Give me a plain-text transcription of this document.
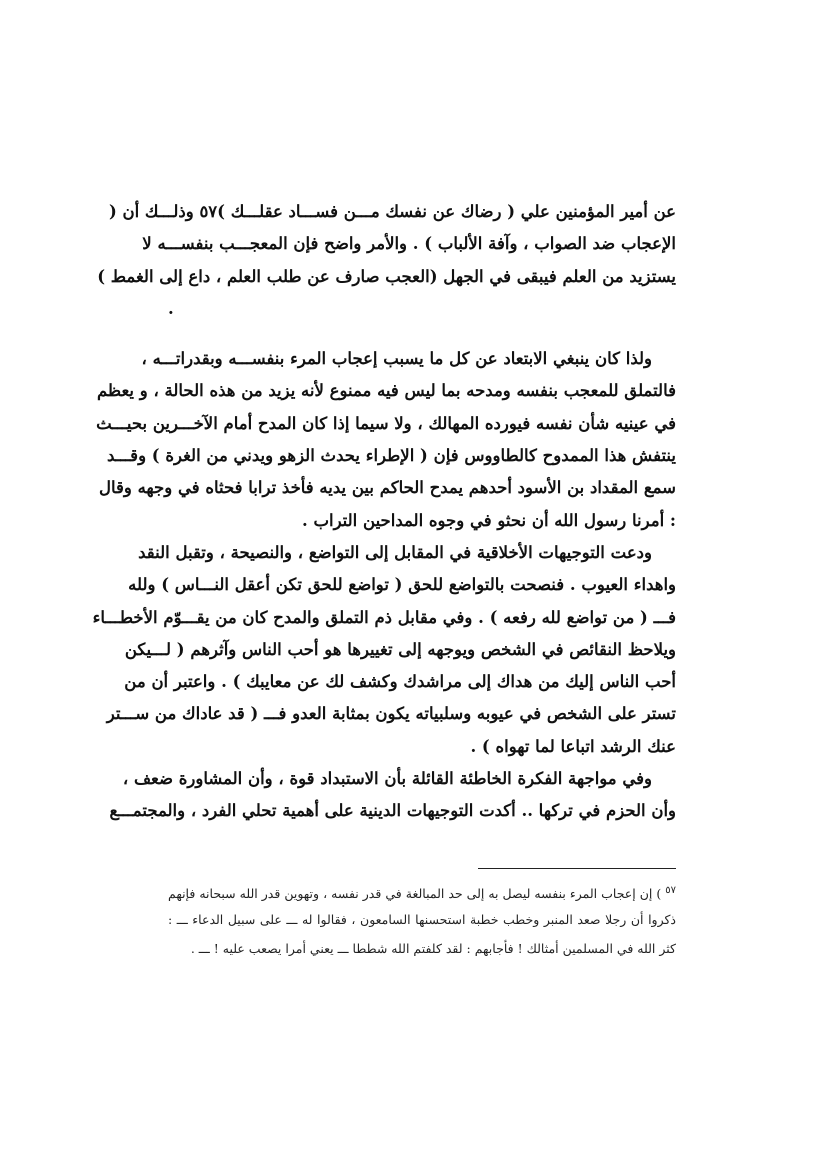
عن أمير المؤمنين علي ( رضاك عن نفسك مـــن فســـاد عقلـــك )٥٧ وذلـــك أن (
الإعجاب ضد الصواب ، وآفة الألباب ) . والأمر واضح فإن المعجـــب بنفســـه لا
يستزيد من العلم فيبقى في الجهل (العجب صارف عن طلب العلم ، داع إلى الغمط )
.
ولذا كان ينبغي الابتعاد عن كل ما يسبب إعجاب المرء بنفســـه وبقدراتـــه ،
فالتملق للمعجب بنفسه ومدحه بما ليس فيه ممنوع لأنه يزيد من هذه الحالة ، و يعظم
في عينيه شأن نفسه فيورده المهالك ، ولا سيما إذا كان المدح أمام الآخـــرين بحيـــث
ينتفش هذا الممدوح كالطاووس فإن ( الإطراء يحدث الزهو ويدني من الغرة ) وقـــد
سمع المقداد بن الأسود أحدهم يمدح الحاكم بين يديه فأخذ ترابا فحثاه في وجهه وقال
: أمرنا رسول الله أن نحثو في وجوه المداحين التراب .
ودعت التوجيهات الأخلاقية في المقابل إلى التواضع ، والنصيحة ، وتقبل النقد
واهداء العيوب . فنصحت بالتواضع للحق ( تواضع للحق تكن أعقل النـــاس ) ولله
فـــ ( من تواضع لله رفعه ) . وفي مقابل ذم التملق والمدح كان من يقـــوّم الأخطـــاء
ويلاحظ النقائص في الشخص ويوجهه إلى تغييرها هو أحب الناس وآثرهم ( لـــيكن
أحب الناس إليك من هداك إلى مراشدك وكشف لك عن معايبك ) . واعتبر أن من
تستر على الشخص في عيوبه وسلبياته يكون بمثابة العدو فـــ ( قد عاداك من ســـتر
عنك الرشد اتباعا لما تهواه ) .
وفي مواجهة الفكرة الخاطئة القائلة بأن الاستبداد قوة ، وأن المشاورة ضعف ،
وأن الحزم في تركها .. أكدت التوجيهات الدينية على أهمية تحلي الفرد ، والمجتمـــع
$^{٥٧}$) إن إعجاب المرء بنفسه ليصل به إلى حد المبالغة في قدر نفسه ، وتهوين قدر الله سبحانه فإنهم
ذكروا أن رجلا صعد المنبر وخطب خطبة استحسنها السامعون ، فقالوا له ـــ على سبيل الدعاء ـــ :
كثر الله في المسلمين أمثالك ! فأجابهم : لقد كلفتم الله شططا ـــ يعني أمرا يصعب عليه ! ـــ .
